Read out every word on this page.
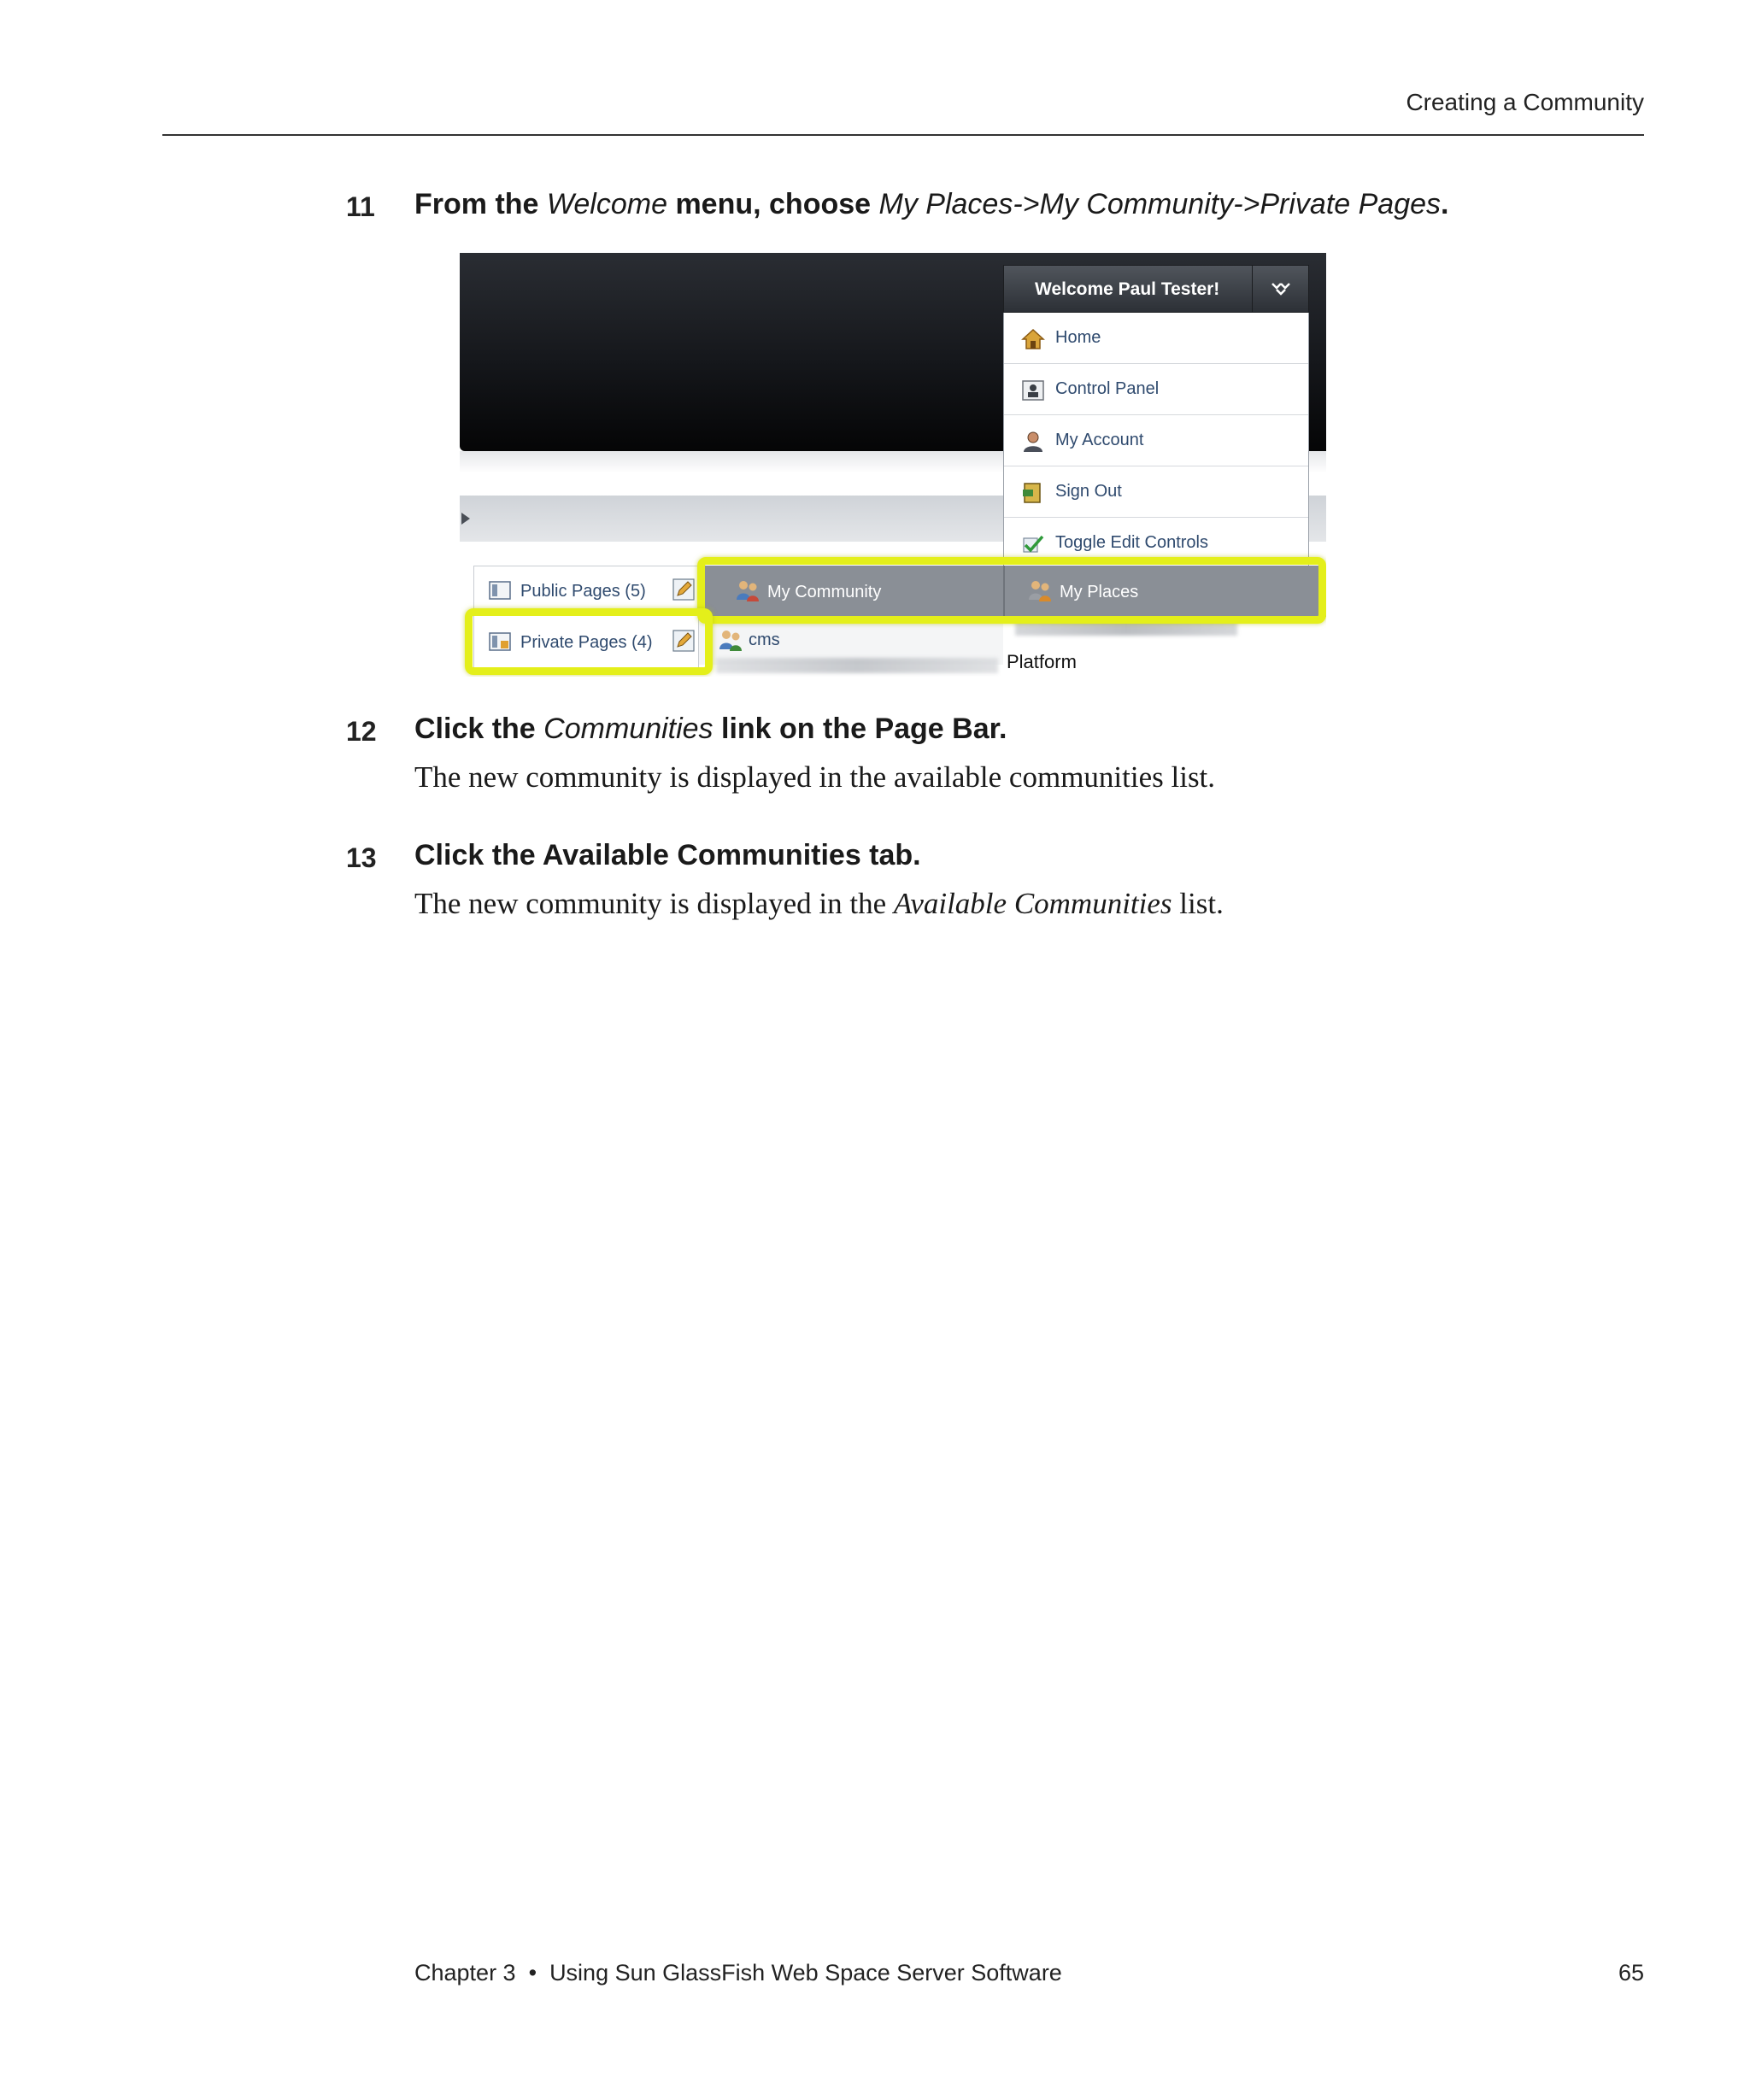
Creating a Community
11 From the Welcome menu, choose My Places->My Community->Private Pages.
Welcome Paul Tester!
Home
Control Panel
My Account
Sign Out
Toggle Edit Controls
My Community	My Places
cms
Public Pages (5)
Private Pages (4)
Platform
12 Click the Communities link on the Page Bar.
The new community is displayed in the available communities list.
13 Click the Available Communities tab.
The new community is displayed in the Available Communities list.
Chapter 3 • Using Sun GlassFish Web Space Server Software	65
